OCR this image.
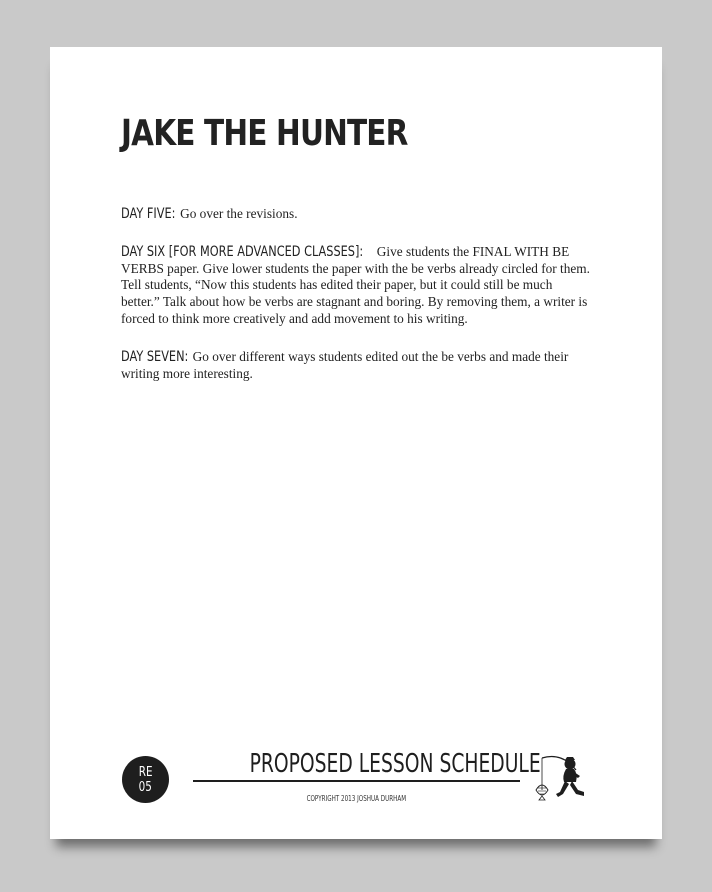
JAKE THE HUNTER

DAY FIVE: Go over the revisions.

DAY SIX [FOR MORE ADVANCED CLASSES]: Give students the FINAL WITH BE VERBS paper. Give lower students the paper with the be verbs already circled for them. Tell students, “Now this students has edited their paper, but it could still be much better.” Talk about how be verbs are stagnant and boring. By removing them, a writer is forced to think more creatively and add movement to his writing.

DAY SEVEN: Go over different ways students edited out the be verbs and made their writing more interesting.

RE
05
PROPOSED LESSON SCHEDULE
COPYRIGHT 2013 JOSHUA DURHAM
